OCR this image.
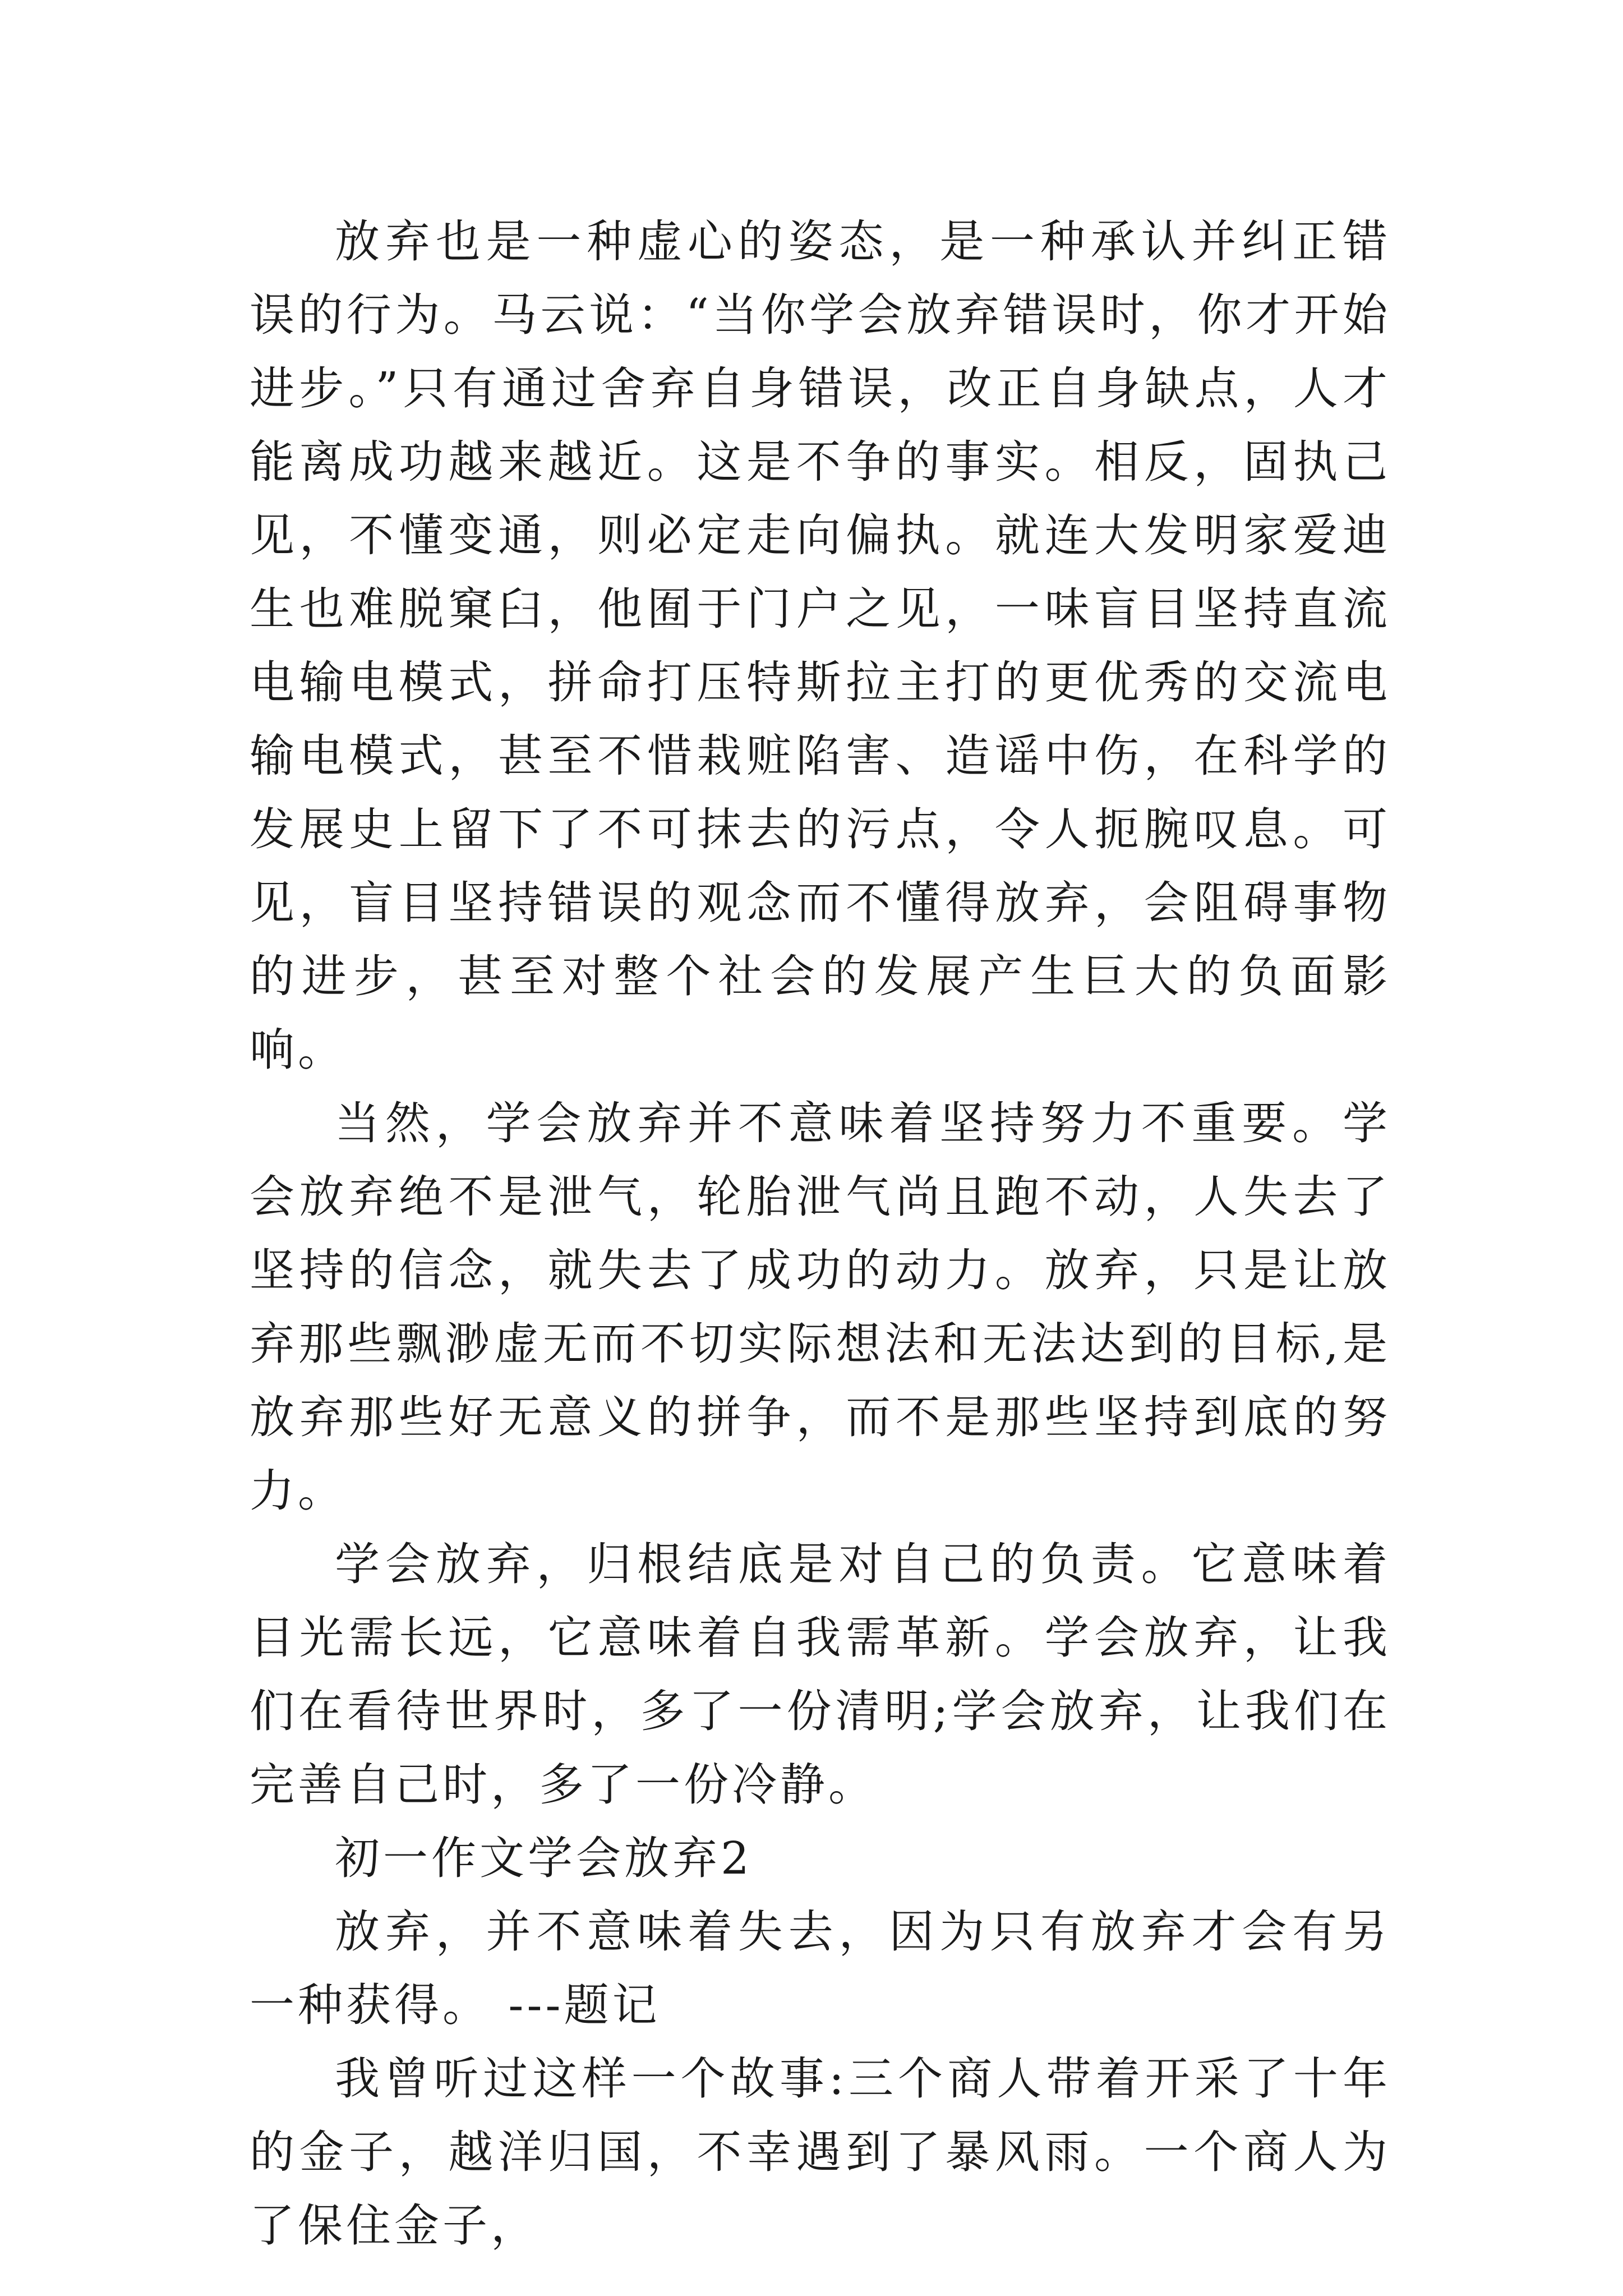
放弃也是一种虚心的姿态，是一种承认并纠正错误的行为。马云说：“当你学会放弃错误时，你才开始进步。”只有通过舍弃自身错误，改正自身缺点，人才能离成功越来越近。这是不争的事实。相反，固执己见，不懂变通，则必定走向偏执。就连大发明家爱迪生也难脱窠臼，他囿于门户之见，一味盲目坚持直流电输电模式，拼命打压特斯拉主打的更优秀的交流电输电模式，甚至不惜栽赃陷害、造谣中伤，在科学的发展史上留下了不可抹去的污点，令人扼腕叹息。可见，盲目坚持错误的观念而不懂得放弃，会阻碍事物的进步，甚至对整个社会的发展产生巨大的负面影响。

当然，学会放弃并不意味着坚持努力不重要。学会放弃绝不是泄气，轮胎泄气尚且跑不动，人失去了坚持的信念，就失去了成功的动力。放弃，只是让放弃那些飘渺虚无而不切实际想法和无法达到的目标,是放弃那些好无意义的拼争，而不是那些坚持到底的努力。

学会放弃，归根结底是对自己的负责。它意味着目光需长远，它意味着自我需革新。学会放弃，让我们在看待世界时，多了一份清明;学会放弃，让我们在完善自己时，多了一份冷静。

初一作文学会放弃2

放弃，并不意味着失去，因为只有放弃才会有另一种获得。 ---题记

我曾听过这样一个故事:三个商人带着开采了十年的金子，越洋归国，不幸遇到了暴风雨。一个商人为了保住金子，
